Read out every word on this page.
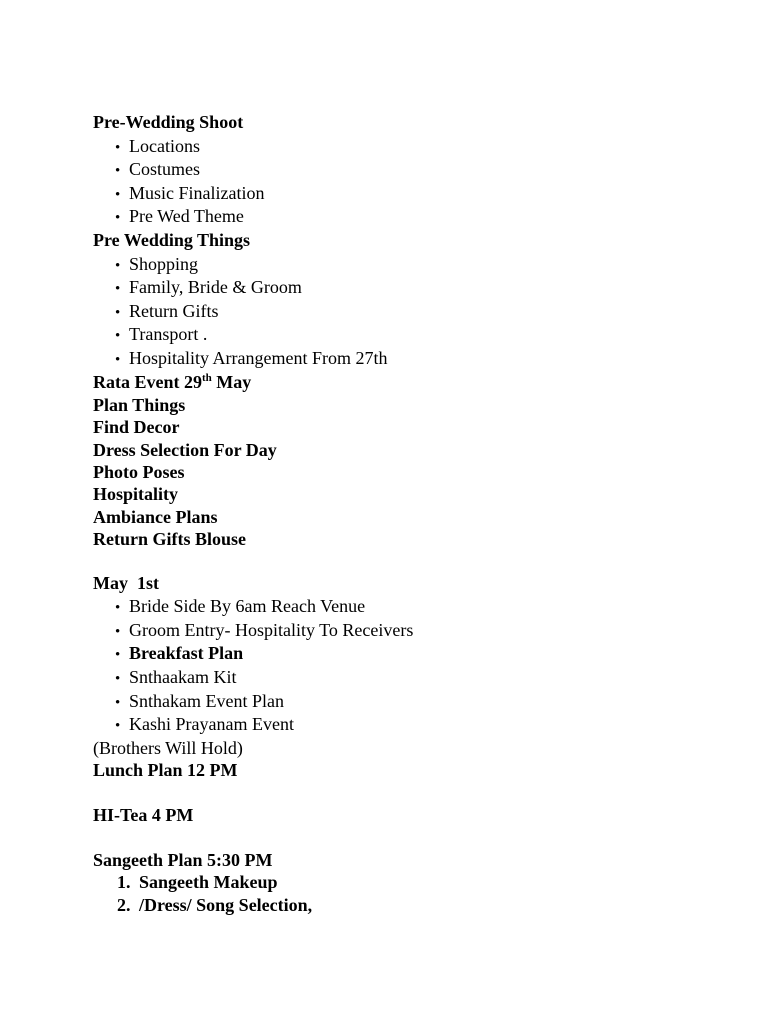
Pre-Wedding Shoot
• Locations
• Costumes
• Music Finalization
• Pre Wed Theme
Pre Wedding Things
• Shopping
• Family, Bride & Groom
• Return Gifts
• Transport .
• Hospitality Arrangement From 27th
Rata Event 29th May
Plan Things
Find Decor
Dress Selection For Day
Photo Poses
Hospitality
Ambiance Plans
Return Gifts Blouse
May  1st
• Bride Side By 6am Reach Venue
• Groom Entry- Hospitality To Receivers
• Breakfast Plan
• Snthaakam Kit
• Snthakam Event Plan
• Kashi Prayanam Event
(Brothers Will Hold)
Lunch Plan 12 PM
HI-Tea 4 PM
Sangeeth Plan 5:30 PM
1. Sangeeth Makeup
2. /Dress/ Song Selection,
